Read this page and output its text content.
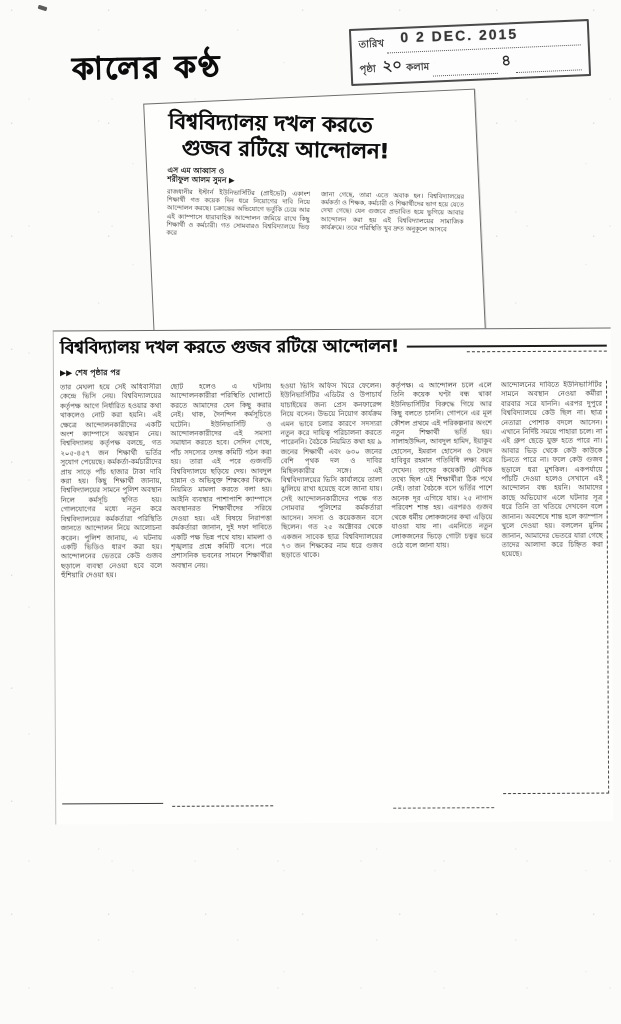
কালের কণ্ঠ
তারিখ 0 2 DEC. 2015
পৃষ্ঠা ২০ কলাম	৪
বিশ্ববিদ্যালয় দখল করতে
গুজব রটিয়ে আন্দোলন!
এস এম আব্বাস ও
শরীফুল আলম সুমন ▶
রাজধানীর ইস্টার্ন ইউনিভার্সিটির (প্রাইভেট) একাংশ শিক্ষার্থী গত কয়েক দিন ধরে নিয়োগের দাবি নিয়ে আন্দোলন করছে। চক্রান্তের অভিযোগে ভর্তুকি চেয়ে আর এই ক্যাম্পাসে ধারাবাহিক আন্দোলন জমিয়ে রাখে কিছু শিক্ষার্থী ও কর্মচারী। গত সোমবারও বিশ্ববিদ্যালয়ে ভিড় করে
জানা গেছে, তারা এতে অবাক হন। বিশ্ববিদ্যালয়ের কর্মকর্তা ও শিক্ষক, কর্মচারী ও শিক্ষার্থীদের ভাগ হয়ে যেতে দেখা গেছে। যেন গুজবে প্রভাবিত হয়ে ভুগিয়ে আবার আন্দোলন করা হয় এই বিশ্ববিদ্যালয়ের সামাজিক কার্যক্রমে। তবে পরিস্থিতি খুব দ্রুত অনুকূলে আসবে
বিশ্ববিদ্যালয় দখল করতে গুজব রটিয়ে আন্দোলন!
▶▶ শেষ পৃষ্ঠার পর
তার মেঘলা হয়ে সেই অধিবাসীরা কেন্দ্রে ভিসি নেয়। বিশ্ববিদ্যালয়ের কর্তৃপক্ষ আগে নির্ধারিত হওয়ার কথা থাকলেও নোট করা হয়নি। এই ক্ষেত্রে আন্দোলনকারীদের একটি অংশ ক্যাম্পাসে অবস্থান নেয়। বিশ্ববিদ্যালয় কর্তৃপক্ষ বলছে, গত ২০৫-৪৫৭ জন শিক্ষার্থী ভর্তির সুযোগ পেয়েছে। কর্মকর্তা-কর্মচারীদের প্রায় সাড়ে পাঁচ হাজার টাকা দাবি করা হয়। কিছু শিক্ষার্থী জানায়, বিশ্ববিদ্যালয়ের সামনে পুলিশ অবস্থান নিলে কর্মসূচি স্থগিত হয়। গোলযোগের মধ্যে নতুন করে বিশ্ববিদ্যালয়ের কর্মকর্তারা পরিস্থিতি জানতে আন্দোলন নিয়ে আলোচনা করেন। পুলিশ জানায়, এ ঘটনায় একটি ভিডিও ধারণ করা হয়। আন্দোলনের ভেতরে কেউ গুজব ছড়ালে ব্যবস্থা নেওয়া হবে বলে হুঁশিয়ারি দেওয়া হয়।
ছোট হলেও এ ঘটনায় আন্দোলনকারীরা পরিস্থিতি ঘোলাটে করতে আমাদের যেন কিছু করার নেই। থাক, দৈনন্দিন কর্মসূচিতে ঘটেনি। ইউনিভার্সিটি ও আন্দোলনকারীদের এই সমস্যা সমাধান করতে হবে। সেদিন গেছে, পাঁচ সদস্যের তদন্ত কমিটি গঠন করা হয়। তারা এই পরে গুজবটি বিশ্ববিদ্যালয়ে ছড়িয়ে দেয়। আবদুল হান্নান ও অভিযুক্ত শিক্ষকের বিরুদ্ধে নিয়মিত মামলা করতে বলা হয়। আইনি ব্যবস্থার পাশাপাশি ক্যাম্পাসে অবস্থানরত শিক্ষার্থীদের সরিয়ে দেওয়া হয়। এই বিষয়ে নিরাপত্তা কর্মকর্তারা জানান, দুই দফা দাবিতে একটি পক্ষ ভিন্ন পথে যায়। মামলা ও শৃঙ্খলার প্রশ্নে কমিটি বসে। পরে প্রশাসনিক ভবনের সামনে শিক্ষার্থীরা অবস্থান নেয়।
হওয়া ভিসি অফিস ঘিরে ফেলেন। ইউনিভার্সিটির এডিটর ও উপাচার্য যাচাইয়ের জন্য প্রেস কনফারেন্স নিয়ে বসেন। উভয়ে নিয়োগ কার্যক্রম এমন ভাবে চলার কারণে সদস্যরা নতুন করে দায়িত্ব পরিচালনা করতে পারেননি। বৈঠকে নিয়মিত কথা হয় ৯ জনের শিক্ষার্থী এবং ৬৩০ জনের বেশি পৃথক দল ও দাবির মিছিলকারীর সঙ্গে। এই বিশ্ববিদ্যালয়ের ভিসি কার্যালয়ে তালা ঝুলিয়ে রাখা হয়েছে বলে জানা যায়। সেই আন্দোলনকারীদের পক্ষে গত সোমবার পুলিশের কর্মকর্তারা আসেন। সদস্য ও কয়েকজন বসে ছিলেন। গত ২৫ অক্টোবর থেকে একজন সাবেক ছাত্র বিশ্ববিদ্যালয়ের ৭৩ জন শিক্ষকের নাম ধরে গুজব ছড়াতে থাকে।
কর্তৃপক্ষ। এ আন্দোলন চলে এলে তিনি কয়েক ঘণ্টা বন্ধ থাকা ইউনিভার্সিটির বিরুদ্ধে গিয়ে আর কিছু বলতে চাননি। গোপনে এর মূল কৌশল প্রথমে এই পরিকল্পনার অংশে নতুন শিক্ষার্থী ভর্তি হয়। সালাহউদ্দিন, আবদুল হামিদ, ইয়াকুব হোসেন, ইমরান হোসেন ও সৈয়দ হাবিবুর রহমান গতিবিধি লক্ষ্য করে দেখেন। তাদের কয়েকটি মৌখিক তথ্যে ছিল এই শিক্ষার্থীরা ঠিক পথে নেই। তারা বৈঠকে বসে ভর্তির পাশে অনেক দূর এগিয়ে যায়। ২৫ নাগাদ পরিবেশ শান্ত হয়। এরপরও গুজব থেকে ধর্মীয় লোকজনের কথা এড়িয়ে যাওয়া যায় না। এমনিতে নতুন লোকজনের ভিড়ে গোটা চত্বর ভরে ওঠে বলে জানা যায়।
আন্দোলনের দাবিতে ইউনিভার্সিটির সামনে অবস্থান নেওয়া কর্মীরা বারবার সরে যাননি। এরপর দুপুরে বিশ্ববিদ্যালয়ে কেউ ছিল না। ছাত্র নেতারা পোশাক বদলে আসেন। এখানে নির্দিষ্ট সময়ে পাহারা চলে। না এই গ্রুপ ছেড়ে যুক্ত হতে পারে না। আবার ভিড় থেকে কেউ কাউকে চিনতে পারে না। ফলে কেউ গুজব ছড়ালে ধরা মুশকিল। একপর্যায়ে পাঁচটি দেওয়া হলেও সেখানে এই আন্দোলন বন্ধ হয়নি। আমাদের কাছে অভিযোগ এলে ঘটনার সূত্র ধরে তিনি তা খতিয়ে দেখবেন বলে জানান। অবশেষে শান্ত হলে ক্যাম্পাস খুলে দেওয়া হয়। বললেন মুনিম জানান, আমাদের ভেতরে যারা গেছে তাদের আলাদা করে চিহ্নিত করা হয়েছে।
